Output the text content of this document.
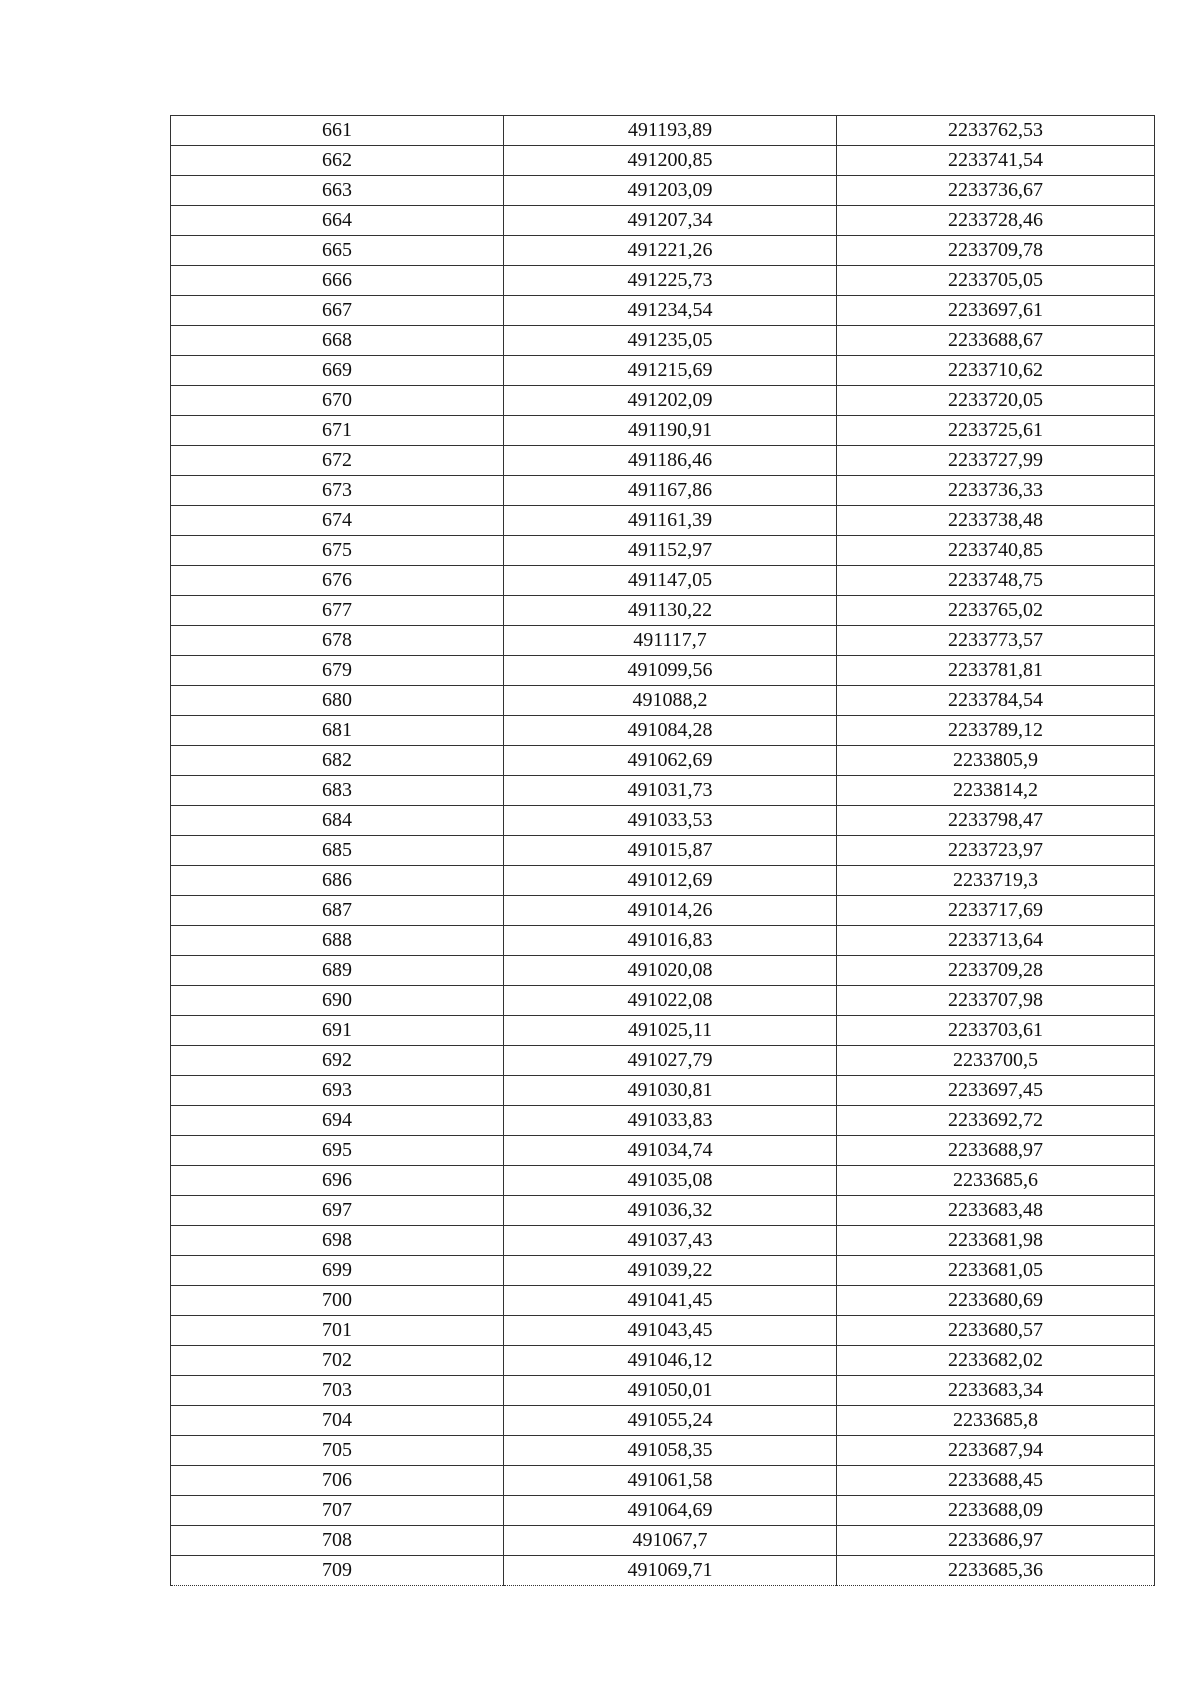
661	491193,89	2233762,53
662	491200,85	2233741,54
663	491203,09	2233736,67
664	491207,34	2233728,46
665	491221,26	2233709,78
666	491225,73	2233705,05
667	491234,54	2233697,61
668	491235,05	2233688,67
669	491215,69	2233710,62
670	491202,09	2233720,05
671	491190,91	2233725,61
672	491186,46	2233727,99
673	491167,86	2233736,33
674	491161,39	2233738,48
675	491152,97	2233740,85
676	491147,05	2233748,75
677	491130,22	2233765,02
678	491117,7	2233773,57
679	491099,56	2233781,81
680	491088,2	2233784,54
681	491084,28	2233789,12
682	491062,69	2233805,9
683	491031,73	2233814,2
684	491033,53	2233798,47
685	491015,87	2233723,97
686	491012,69	2233719,3
687	491014,26	2233717,69
688	491016,83	2233713,64
689	491020,08	2233709,28
690	491022,08	2233707,98
691	491025,11	2233703,61
692	491027,79	2233700,5
693	491030,81	2233697,45
694	491033,83	2233692,72
695	491034,74	2233688,97
696	491035,08	2233685,6
697	491036,32	2233683,48
698	491037,43	2233681,98
699	491039,22	2233681,05
700	491041,45	2233680,69
701	491043,45	2233680,57
702	491046,12	2233682,02
703	491050,01	2233683,34
704	491055,24	2233685,8
705	491058,35	2233687,94
706	491061,58	2233688,45
707	491064,69	2233688,09
708	491067,7	2233686,97
709	491069,71	2233685,36
